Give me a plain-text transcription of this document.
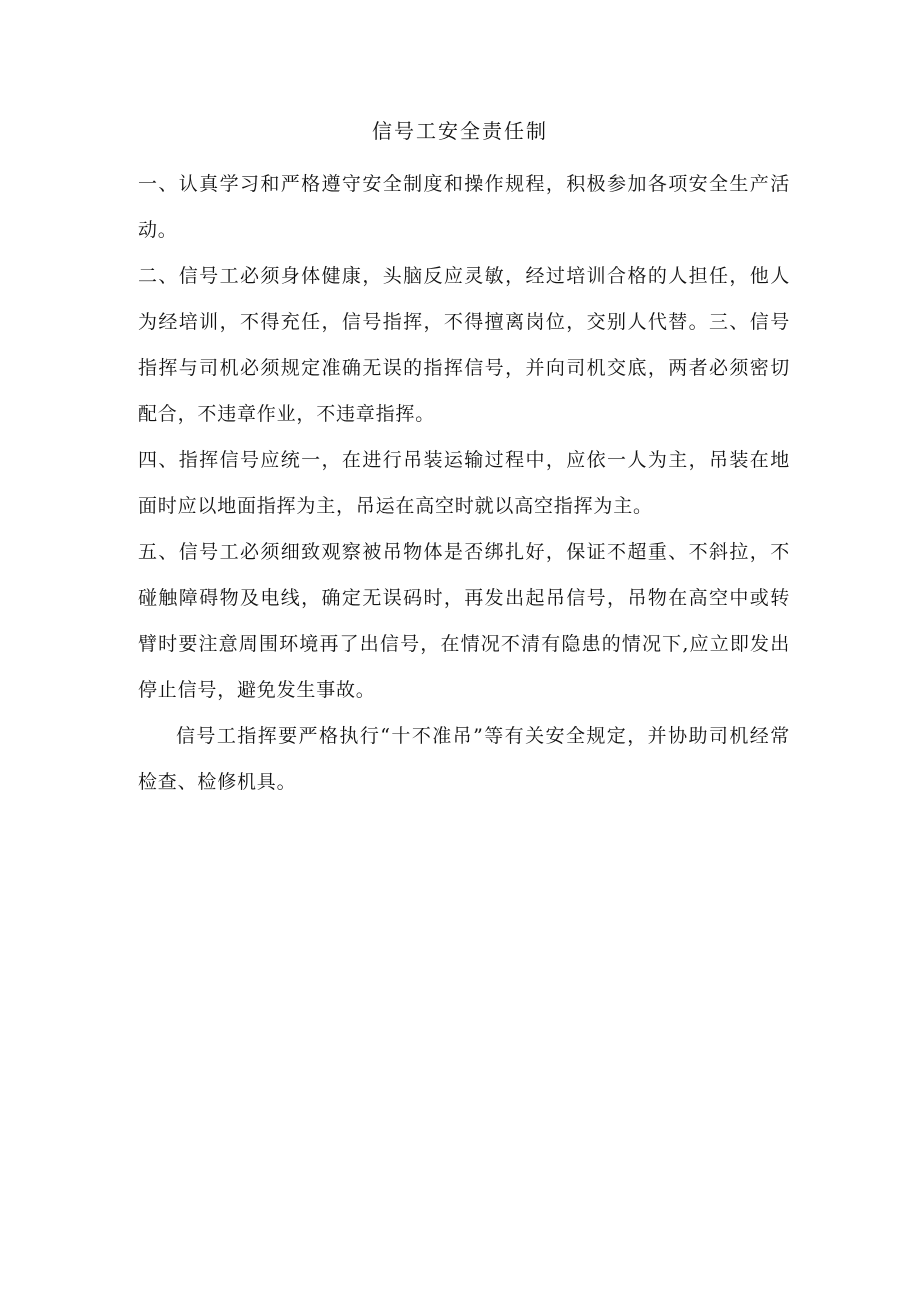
信号工安全责任制

一、认真学习和严格遵守安全制度和操作规程，积极参加各项安全生产活动。

二、信号工必须身体健康，头脑反应灵敏，经过培训合格的人担任，他人为经培训，不得充任，信号指挥，不得擅离岗位，交别人代替。三、信号指挥与司机必须规定准确无误的指挥信号，并向司机交底，两者必须密切配合，不违章作业，不违章指挥。

四、指挥信号应统一，在进行吊装运输过程中，应依一人为主，吊装在地面时应以地面指挥为主，吊运在高空时就以高空指挥为主。

五、信号工必须细致观察被吊物体是否绑扎好，保证不超重、不斜拉，不碰触障碍物及电线，确定无误码时，再发出起吊信号，吊物在高空中或转臂时要注意周围环境再了出信号，在情况不清有隐患的情况下,应立即发出停止信号，避免发生事故。

信号工指挥要严格执行“十不准吊”等有关安全规定，并协助司机经常检查、检修机具。
